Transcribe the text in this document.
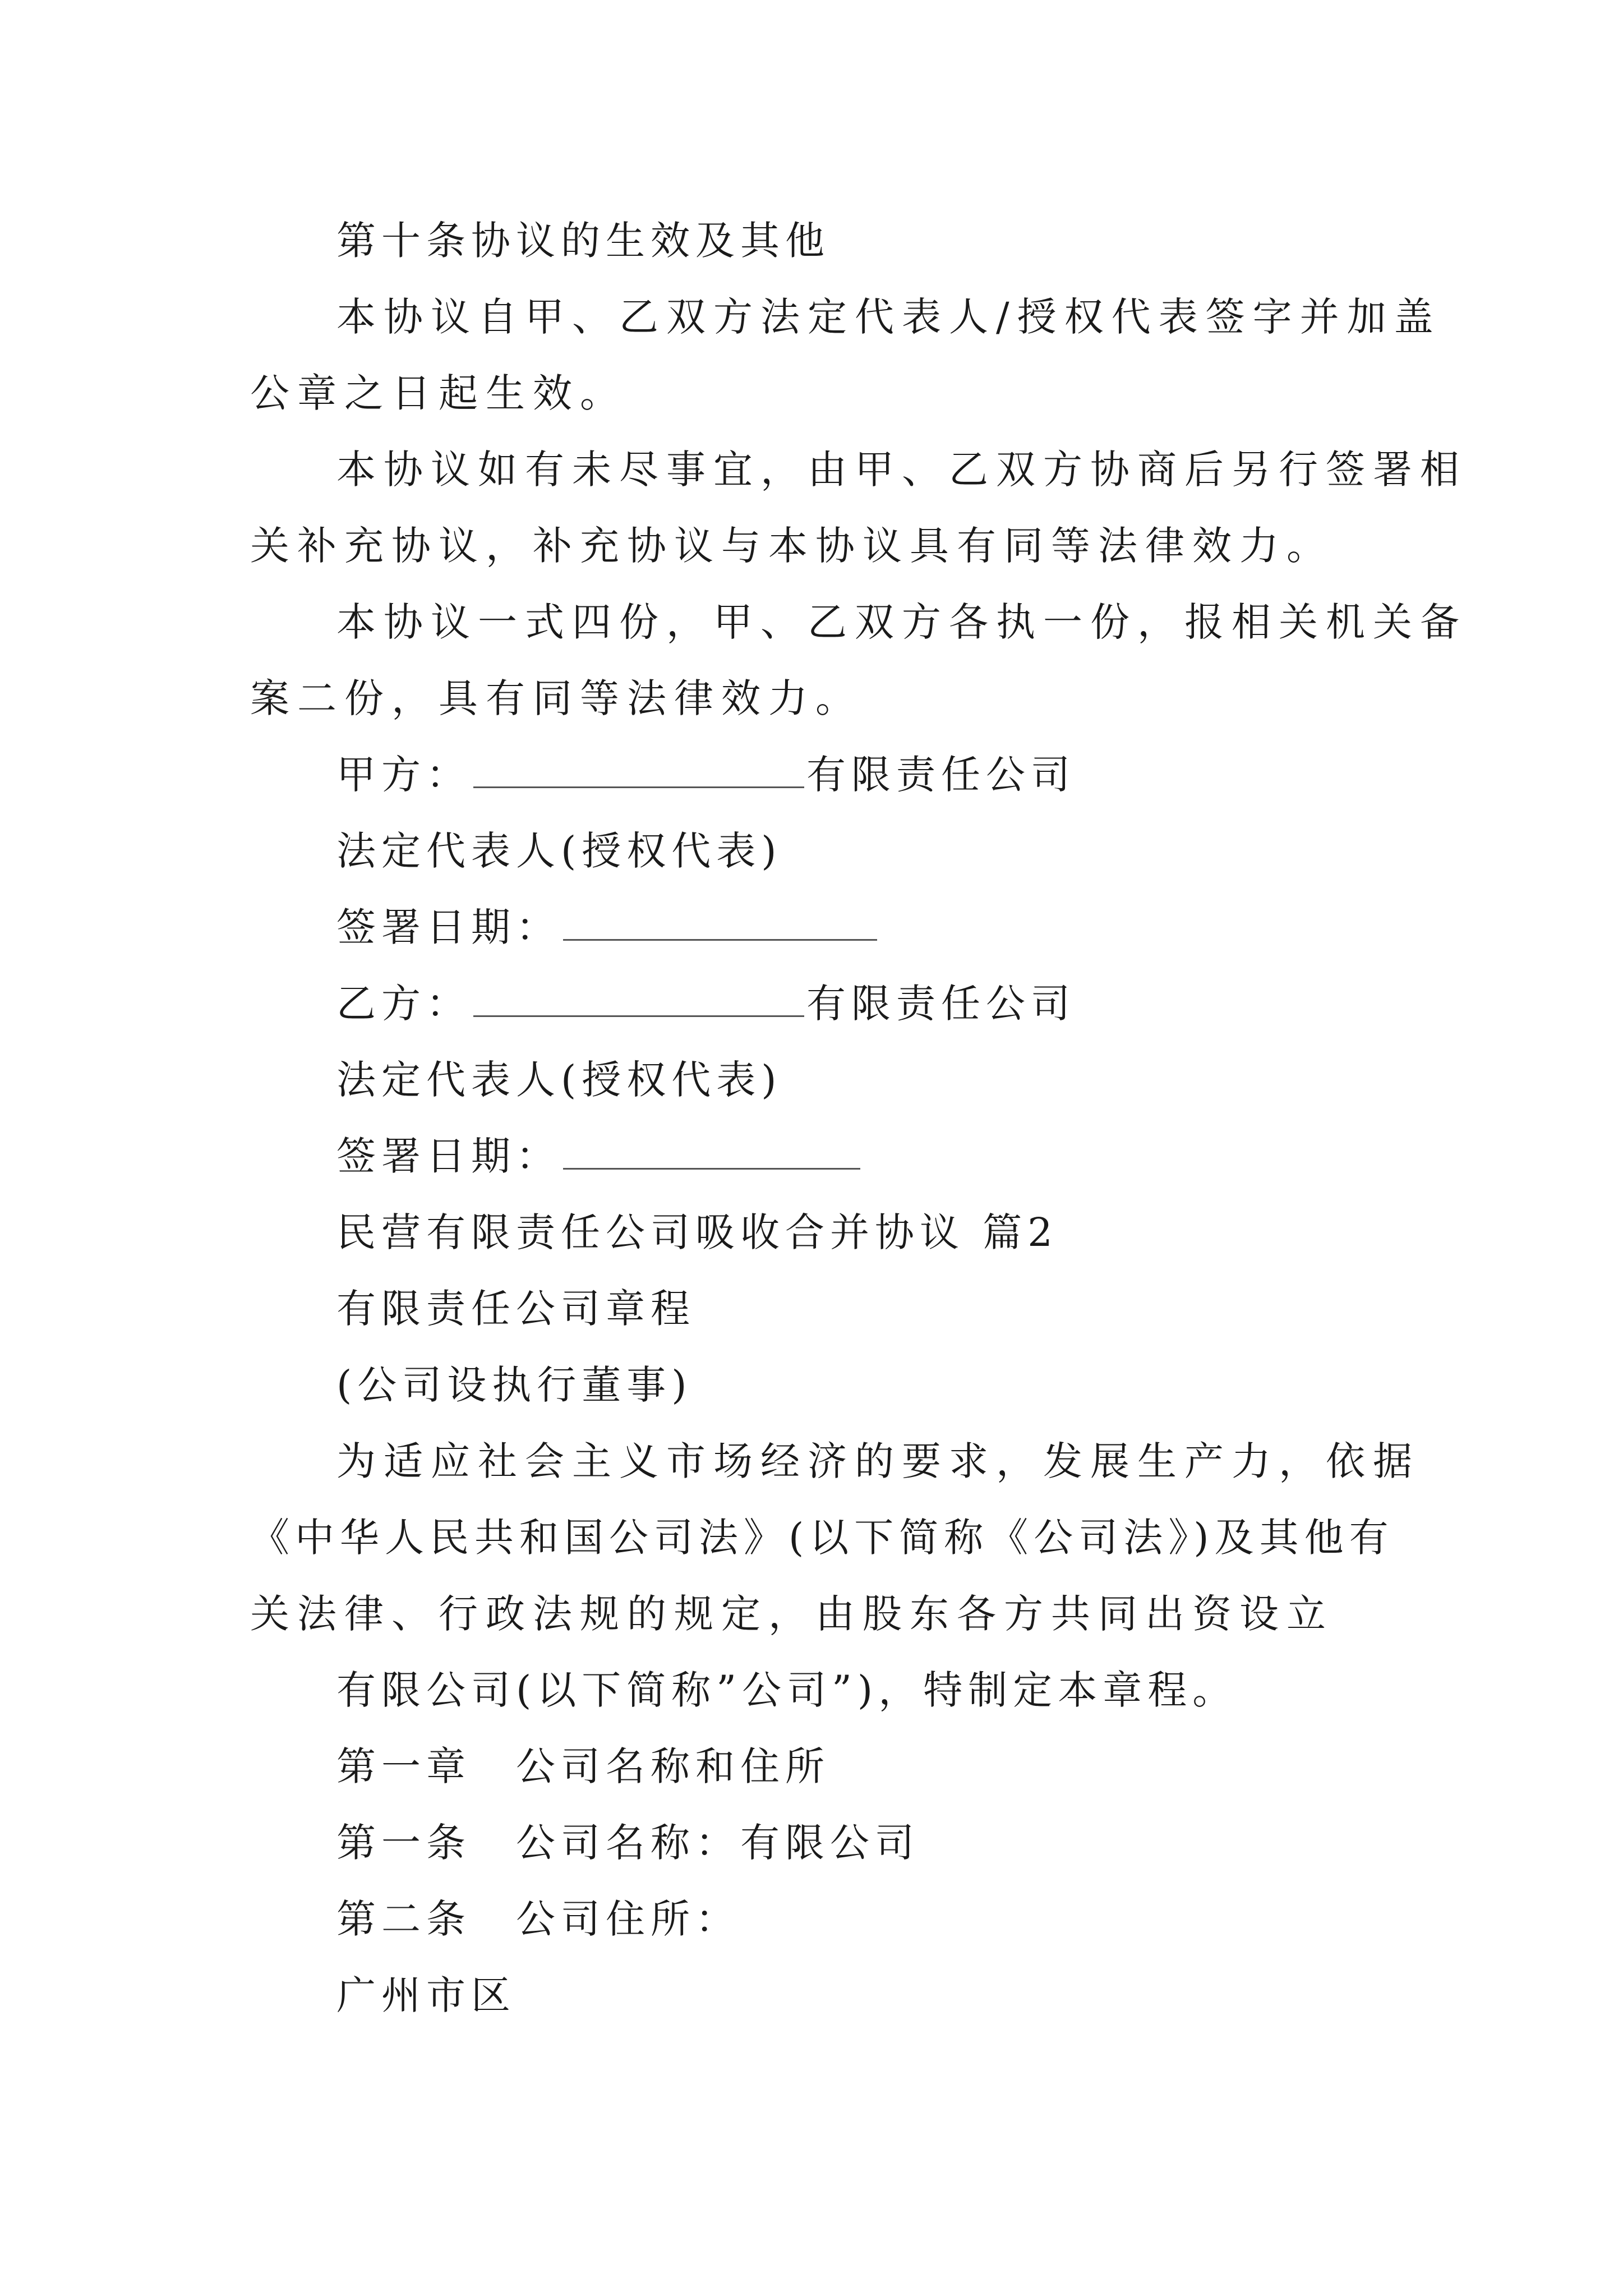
第十条协议的生效及其他
本协议自甲、乙双方法定代表人/授权代表签字并加盖
公章之日起生效。
本协议如有未尽事宜，由甲、乙双方协商后另行签署相
关补充协议，补充协议与本协议具有同等法律效力。
本协议一式四份，甲、乙双方各执一份，报相关机关备
案二份，具有同等法律效力。
甲方：	有限责任公司
法定代表人(授权代表)
签署日期：
乙方：	有限责任公司
法定代表人(授权代表)
签署日期：
民营有限责任公司吸收合并协议 篇2
有限责任公司章程
(公司设执行董事)
为适应社会主义市场经济的要求，发展生产力，依据
《中华人民共和国公司法》(以下简称《公司法》)及其他有
关法律、行政法规的规定，由股东各方共同出资设立
有限公司(以下简称”公司”)，特制定本章程。
第一章　公司名称和住所
第一条　公司名称：有限公司
第二条　公司住所：
广州市区
